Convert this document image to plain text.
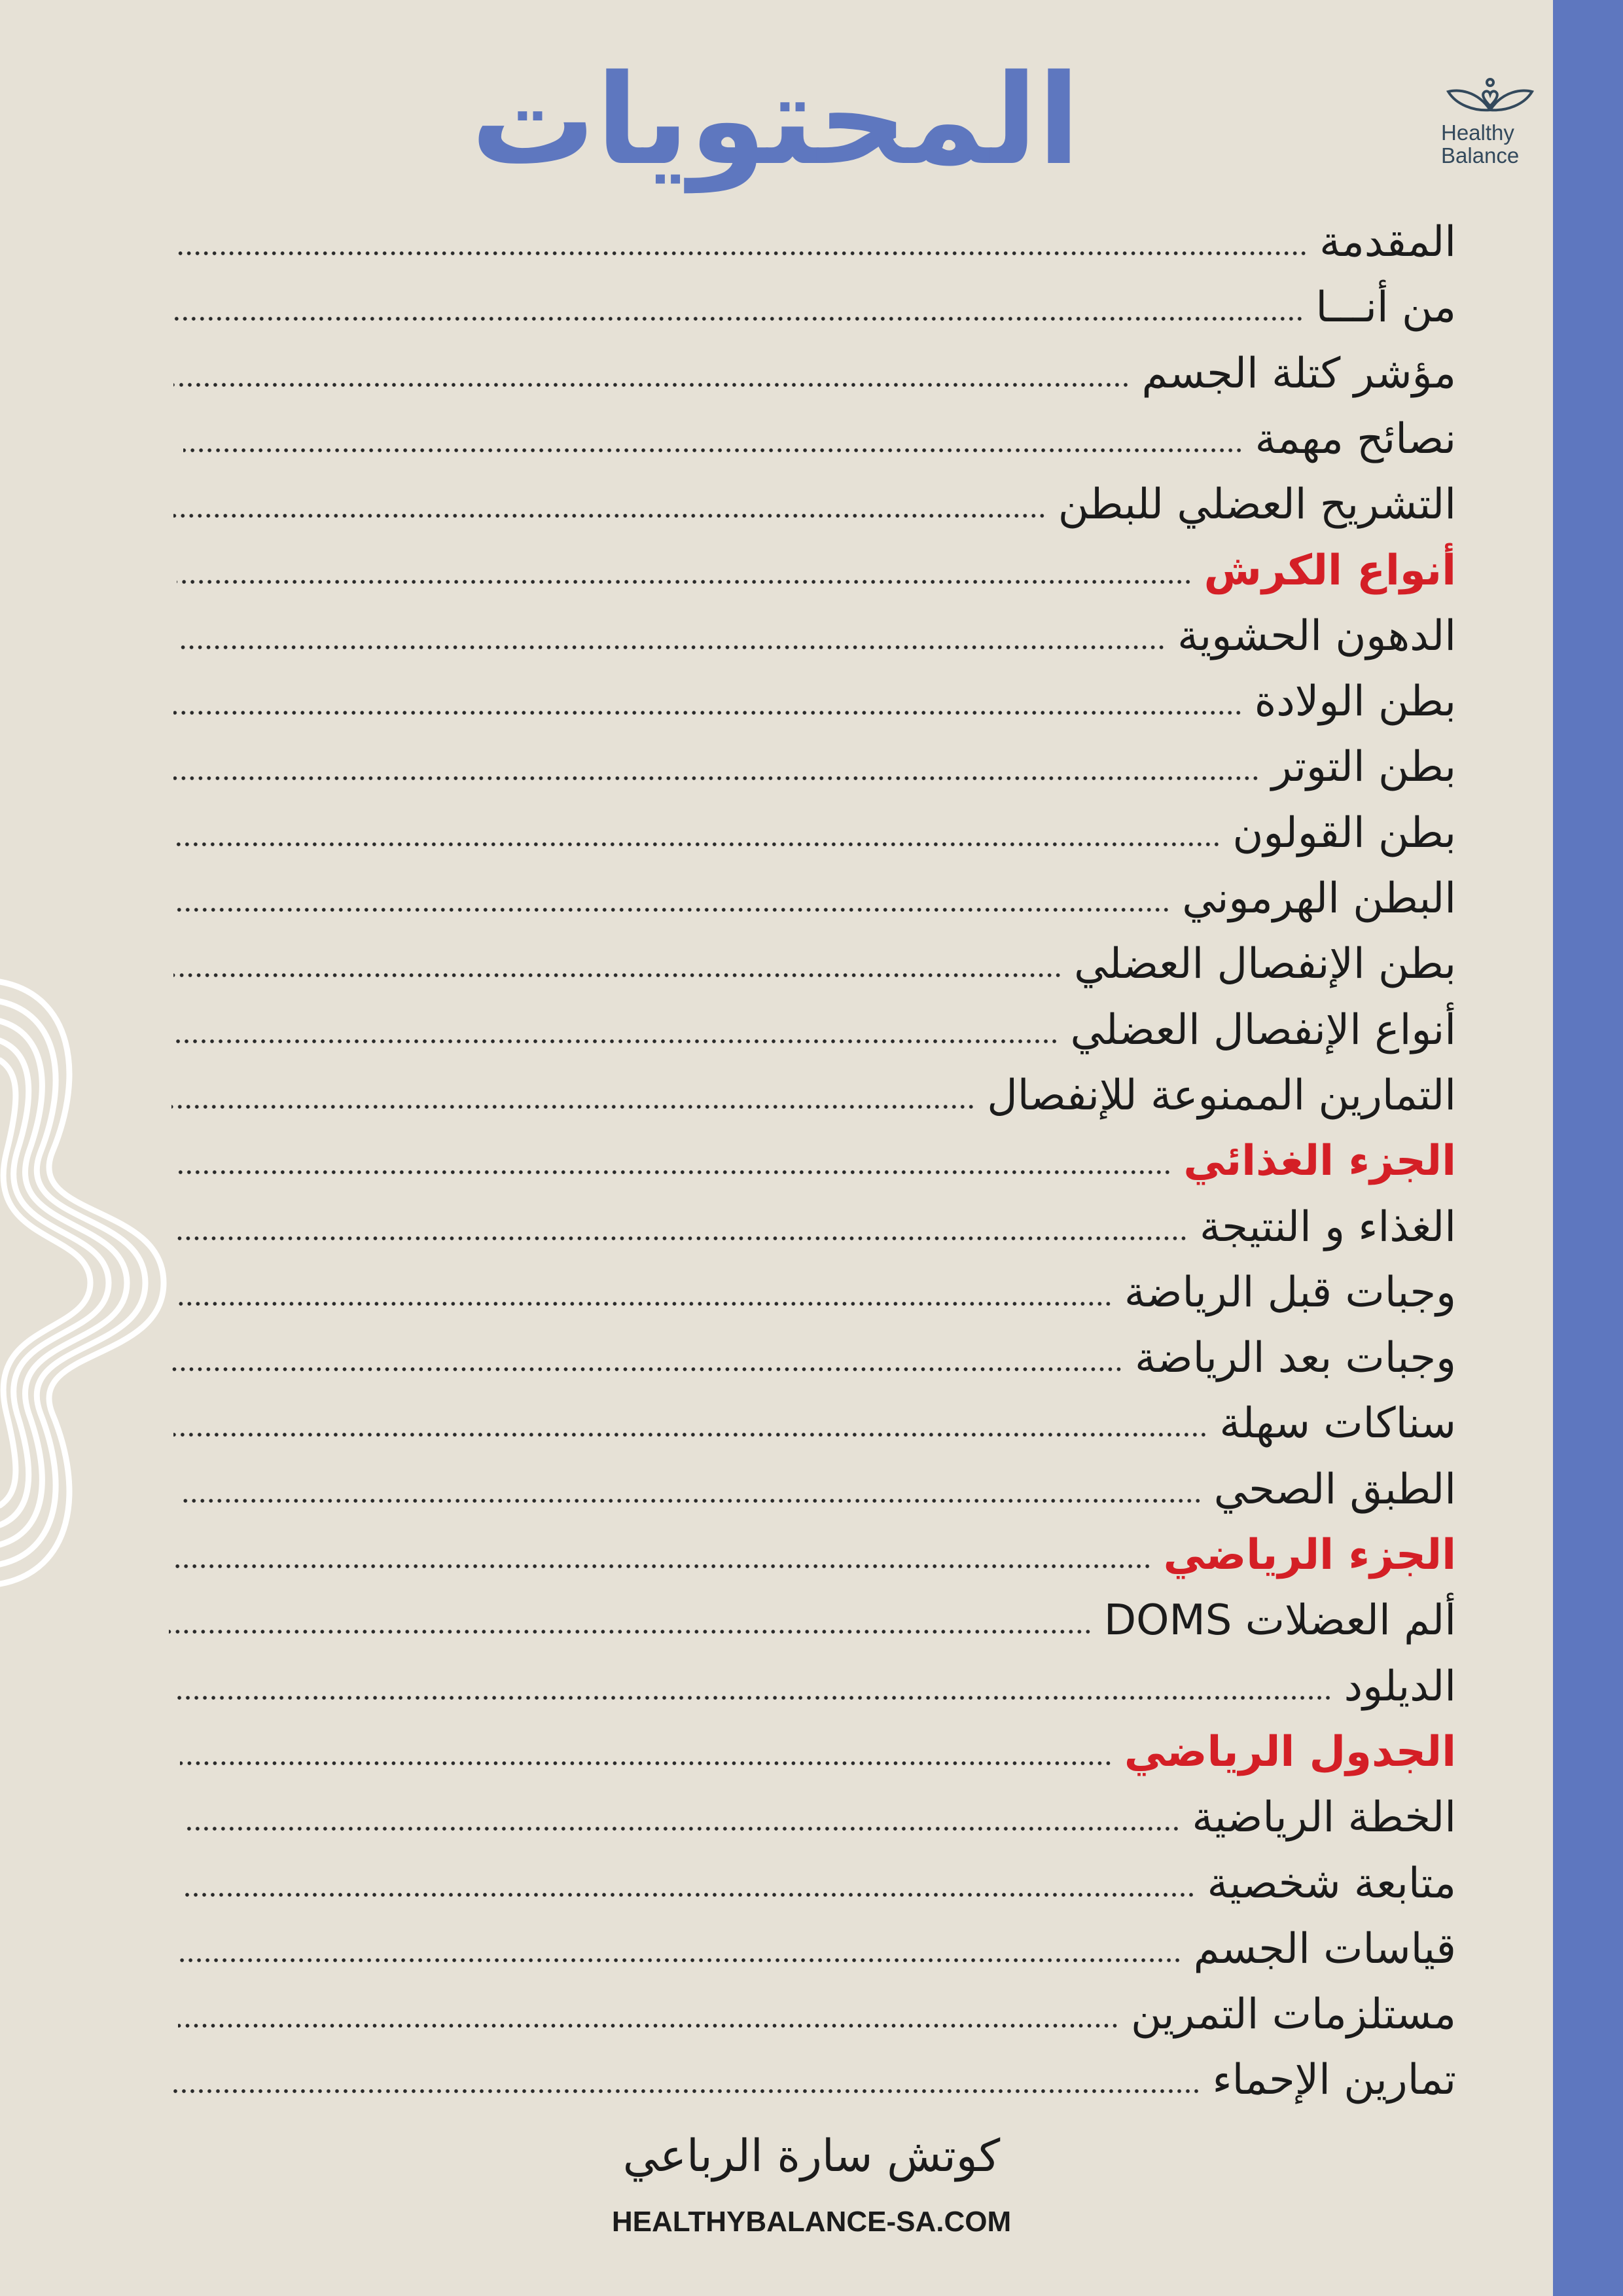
المحتويات	Healthy
Balance
المقدمة
من أنـــا
مؤشر كتلة الجسم
نصائح مهمة
التشريح العضلي للبطن
أنواع الكرش
الدهون الحشوية
بطن الولادة
بطن التوتر
بطن القولون
البطن الهرموني
بطن الإنفصال العضلي
أنواع الإنفصال العضلي
التمارين الممنوعة للإنفصال
الجزء الغذائي
الغذاء و النتيجة
وجبات قبل الرياضة
وجبات بعد الرياضة
سناكات سهلة
الطبق الصحي
الجزء الرياضي
ألم العضلات DOMS
الديلود
الجدول الرياضي
الخطة الرياضية
متابعة شخصية
قياسات الجسم
مستلزمات التمرين
تمارين الإحماء
كوتش سارة الرباعي
HEALTHYBALANCE-SA.COM
